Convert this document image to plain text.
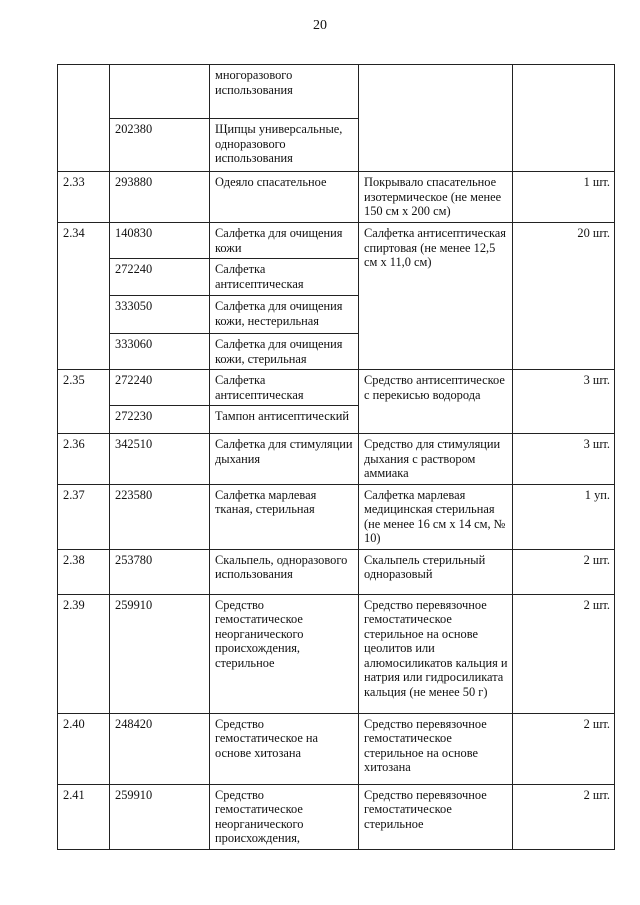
20
		многоразового использования		
	202380	Щипцы универсальные, одноразового использования		
2.33	293880	Одеяло спасательное	Покрывало спасательное изотермическое (не менее 150 см х 200 см)	1 шт.
2.34	140830	Салфетка для очищения кожи	Салфетка антисептическая спиртовая (не менее 12,5 см х 11,0 см)	20 шт.
	272240	Салфетка антисептическая		
	333050	Салфетка для очищения кожи, нестерильная		
	333060	Салфетка для очищения кожи, стерильная		
2.35	272240	Салфетка антисептическая	Средство антисептическое с перекисью водорода	3 шт.
	272230	Тампон антисептический		
2.36	342510	Салфетка для стимуляции дыхания	Средство для стимуляции дыхания с раствором аммиака	3 шт.
2.37	223580	Салфетка марлевая тканая, стерильная	Салфетка марлевая медицинская стерильная (не менее 16 см х 14 см, № 10)	1 уп.
2.38	253780	Скальпель, одноразового использования	Скальпель стерильный одноразовый	2 шт.
2.39	259910	Средство гемостатическое неорганического происхождения, стерильное	Средство перевязочное гемостатическое стерильное на основе цеолитов или алюмосиликатов кальция и натрия или гидросиликата кальция (не менее 50 г)	2 шт.
2.40	248420	Средство гемостатическое на основе хитозана	Средство перевязочное гемостатическое стерильное на основе хитозана	2 шт.
2.41	259910	Средство гемостатическое неорганического происхождения,	Средство перевязочное гемостатическое стерильное	2 шт.
